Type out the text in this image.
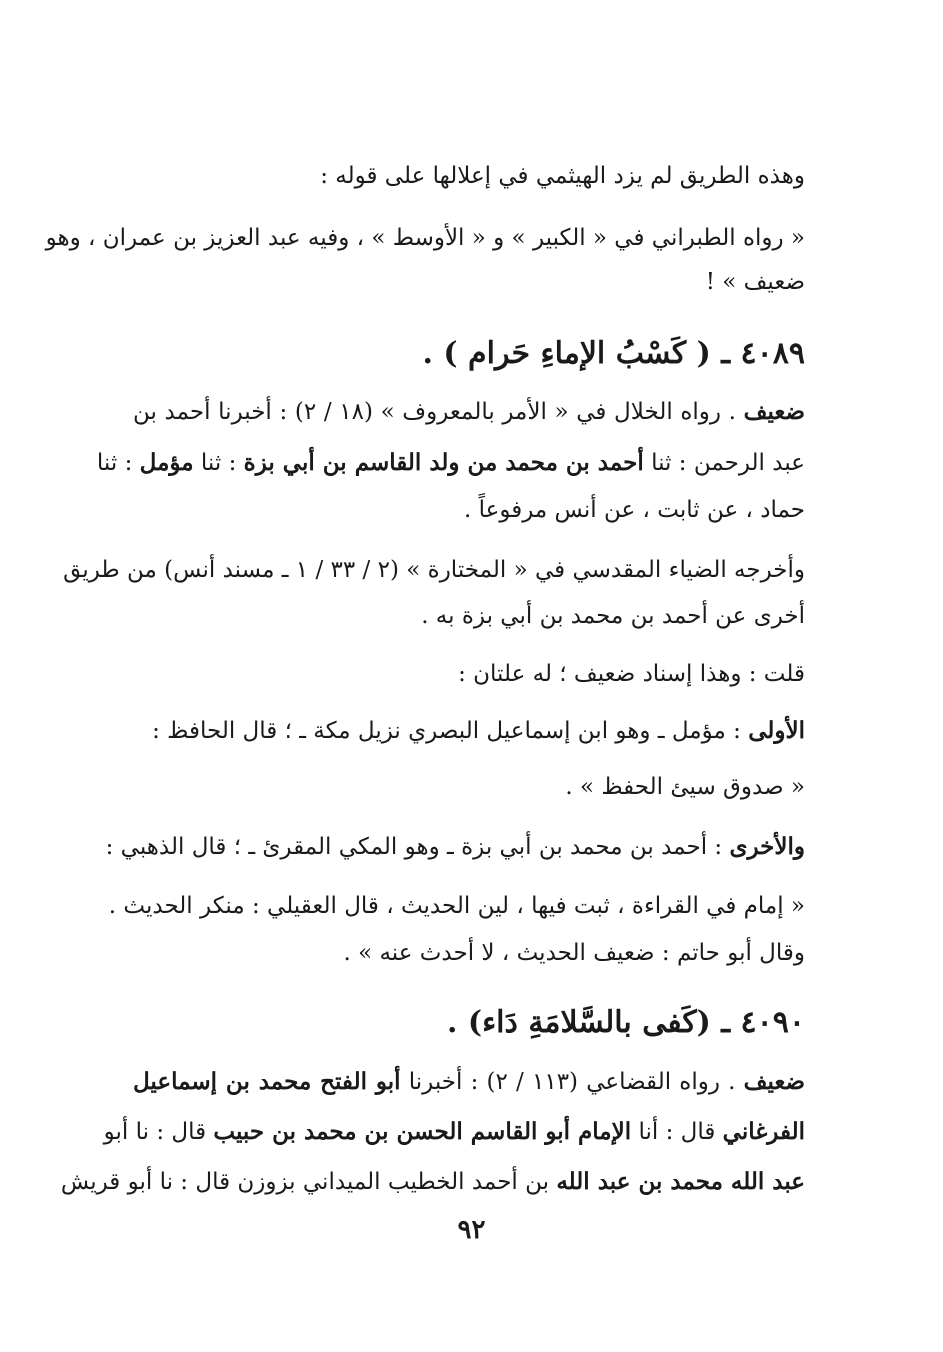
وهذه الطريق لم يزد الهيثمي في إعلالها على قوله :
« رواه الطبراني في « الكبير » و « الأوسط » ، وفيه عبد العزيز بن عمران ، وهو
ضعيف » !
٤٠٨٩ ـ ( كَسْبُ الإماءِ حَرام ) .
ضعيف . رواه الخلال في « الأمر بالمعروف » (١٨ / ٢) : أخبرنا أحمد بن
عبد الرحمن : ثنا أحمد بن محمد من ولد القاسم بن أبي بزة : ثنا مؤمل : ثنا
حماد ، عن ثابت ، عن أنس مرفوعاً .
وأخرجه الضياء المقدسي في « المختارة » (٢ / ٣٣ / ١ ـ مسند أنس) من طريق
أخرى عن أحمد بن محمد بن أبي بزة به .
قلت : وهذا إسناد ضعيف ؛ له علتان :
الأولى : مؤمل ـ وهو ابن إسماعيل البصري نزيل مكة ـ ؛ قال الحافظ :
« صدوق سيئ الحفظ » .
والأخرى : أحمد بن محمد بن أبي بزة ـ وهو المكي المقرئ ـ ؛ قال الذهبي :
« إمام في القراءة ، ثبت فيها ، لين الحديث ، قال العقيلي : منكر الحديث .
وقال أبو حاتم : ضعيف الحديث ، لا أحدث عنه » .
٤٠٩٠ ـ (كَفى بالسَّلامَةِ دَاء) .
ضعيف . رواه القضاعي (١١٣ / ٢) : أخبرنا أبو الفتح محمد بن إسماعيل
الفرغاني قال : أنا الإمام أبو القاسم الحسن بن محمد بن حبيب قال : نا أبو
عبد الله محمد بن عبد الله بن أحمد الخطيب الميداني بزوزن قال : نا أبو قريش
٩٢
